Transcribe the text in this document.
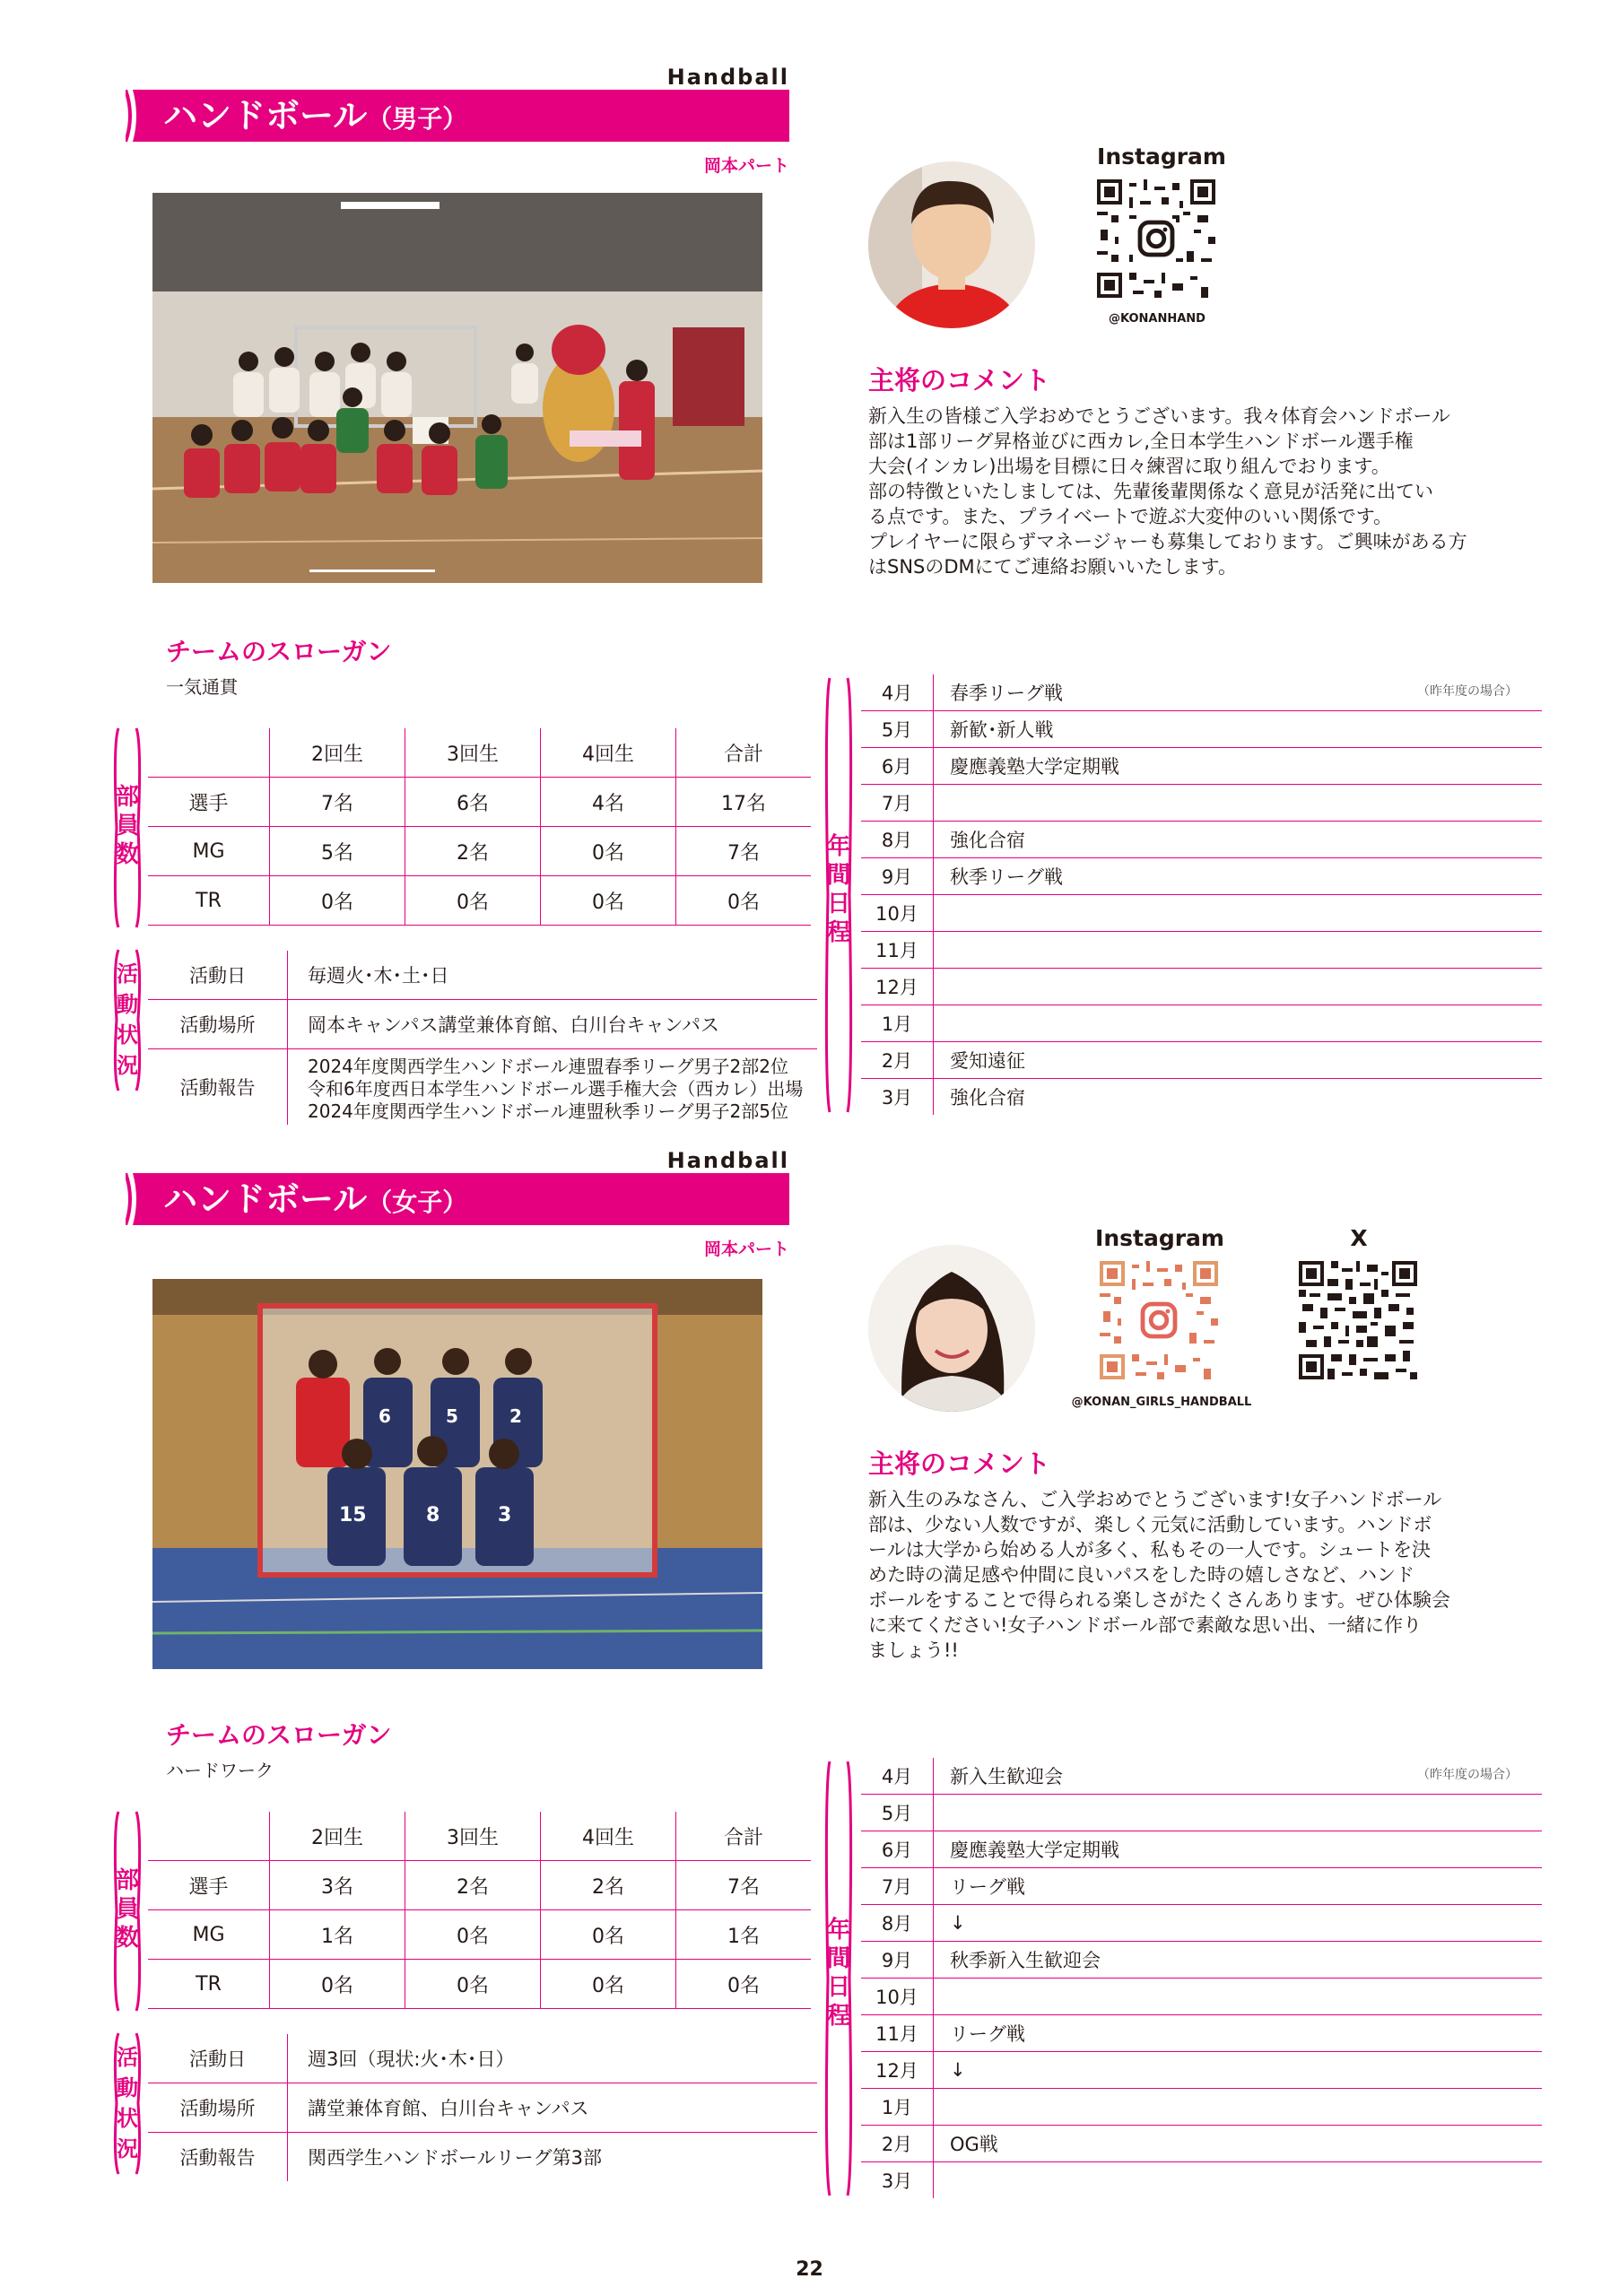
Handball
ハンドボール（男子）
岡本パート	Instagram
@KONANHAND
主将のコメント
新入生の皆様ご入学おめでとうございます。我々体育会ハンドボール
部は1部リーグ昇格並びに西カレ,全日本学生ハンドボール選手権
大会(インカレ)出場を目標に日々練習に取り組んでおります。
部の特徴といたしましては、先輩後輩関係なく意見が活発に出てい
る点です。また、プライベートで遊ぶ大変仲のいい関係です。
プレイヤーに限らずマネージャーも募集しております。ご興味がある方
はSNSのDMにてご連絡お願いいたします。
チームのスローガン
一気通貫
部
員
数
	2回生	3回生	4回生	合計
選手	7名	6名	4名	17名
MG	5名	2名	0名	7名
TR	0名	0名	0名	0名
活
動
状
況
活動日	毎週火･木･土･日
活動場所	岡本キャンパス講堂兼体育館、白川台キャンパス
活動報告	2024年度関西学生ハンドボール連盟春季リーグ男子2部2位
令和6年度西日本学生ハンドボール選手権大会（西カレ）出場
2024年度関西学生ハンドボール連盟秋季リーグ男子2部5位
年
間
日
程
（昨年度の場合）
4月	春季リーグ戦
5月	新歓･新人戦
6月	慶應義塾大学定期戦
7月	
8月	強化合宿
9月	秋季リーグ戦
10月	
11月	
12月	
1月	
2月	愛知遠征
3月	強化合宿
Handball
ハンドボール（女子）
岡本パート
6	5	2
15	8	3
Instagram
@KONAN_GIRLS_HANDBALL
X
主将のコメント
新入生のみなさん、ご入学おめでとうございます!女子ハンドボール
部は、少ない人数ですが、楽しく元気に活動しています。ハンドボ
ールは大学から始める人が多く、私もその一人です。シュートを決
めた時の満足感や仲間に良いパスをした時の嬉しさなど、ハンド
ボールをすることで得られる楽しさがたくさんあります。ぜひ体験会
に来てください!女子ハンドボール部で素敵な思い出、一緒に作り
ましょう!!
チームのスローガン
ハードワーク
部
員
数
	2回生	3回生	4回生	合計
選手	3名	2名	2名	7名
MG	1名	0名	0名	1名
TR	0名	0名	0名	0名
活
動
状
況
活動日	週3回（現状:火･木･日）
活動場所	講堂兼体育館、白川台キャンパス
活動報告	関西学生ハンドボールリーグ第3部
年
間
日
程
（昨年度の場合）
4月	新入生歓迎会
5月	
6月	慶應義塾大学定期戦
7月	リーグ戦
8月	↓
9月	秋季新入生歓迎会
10月	
11月	リーグ戦
12月	↓
1月	
2月	OG戦
3月	
22
